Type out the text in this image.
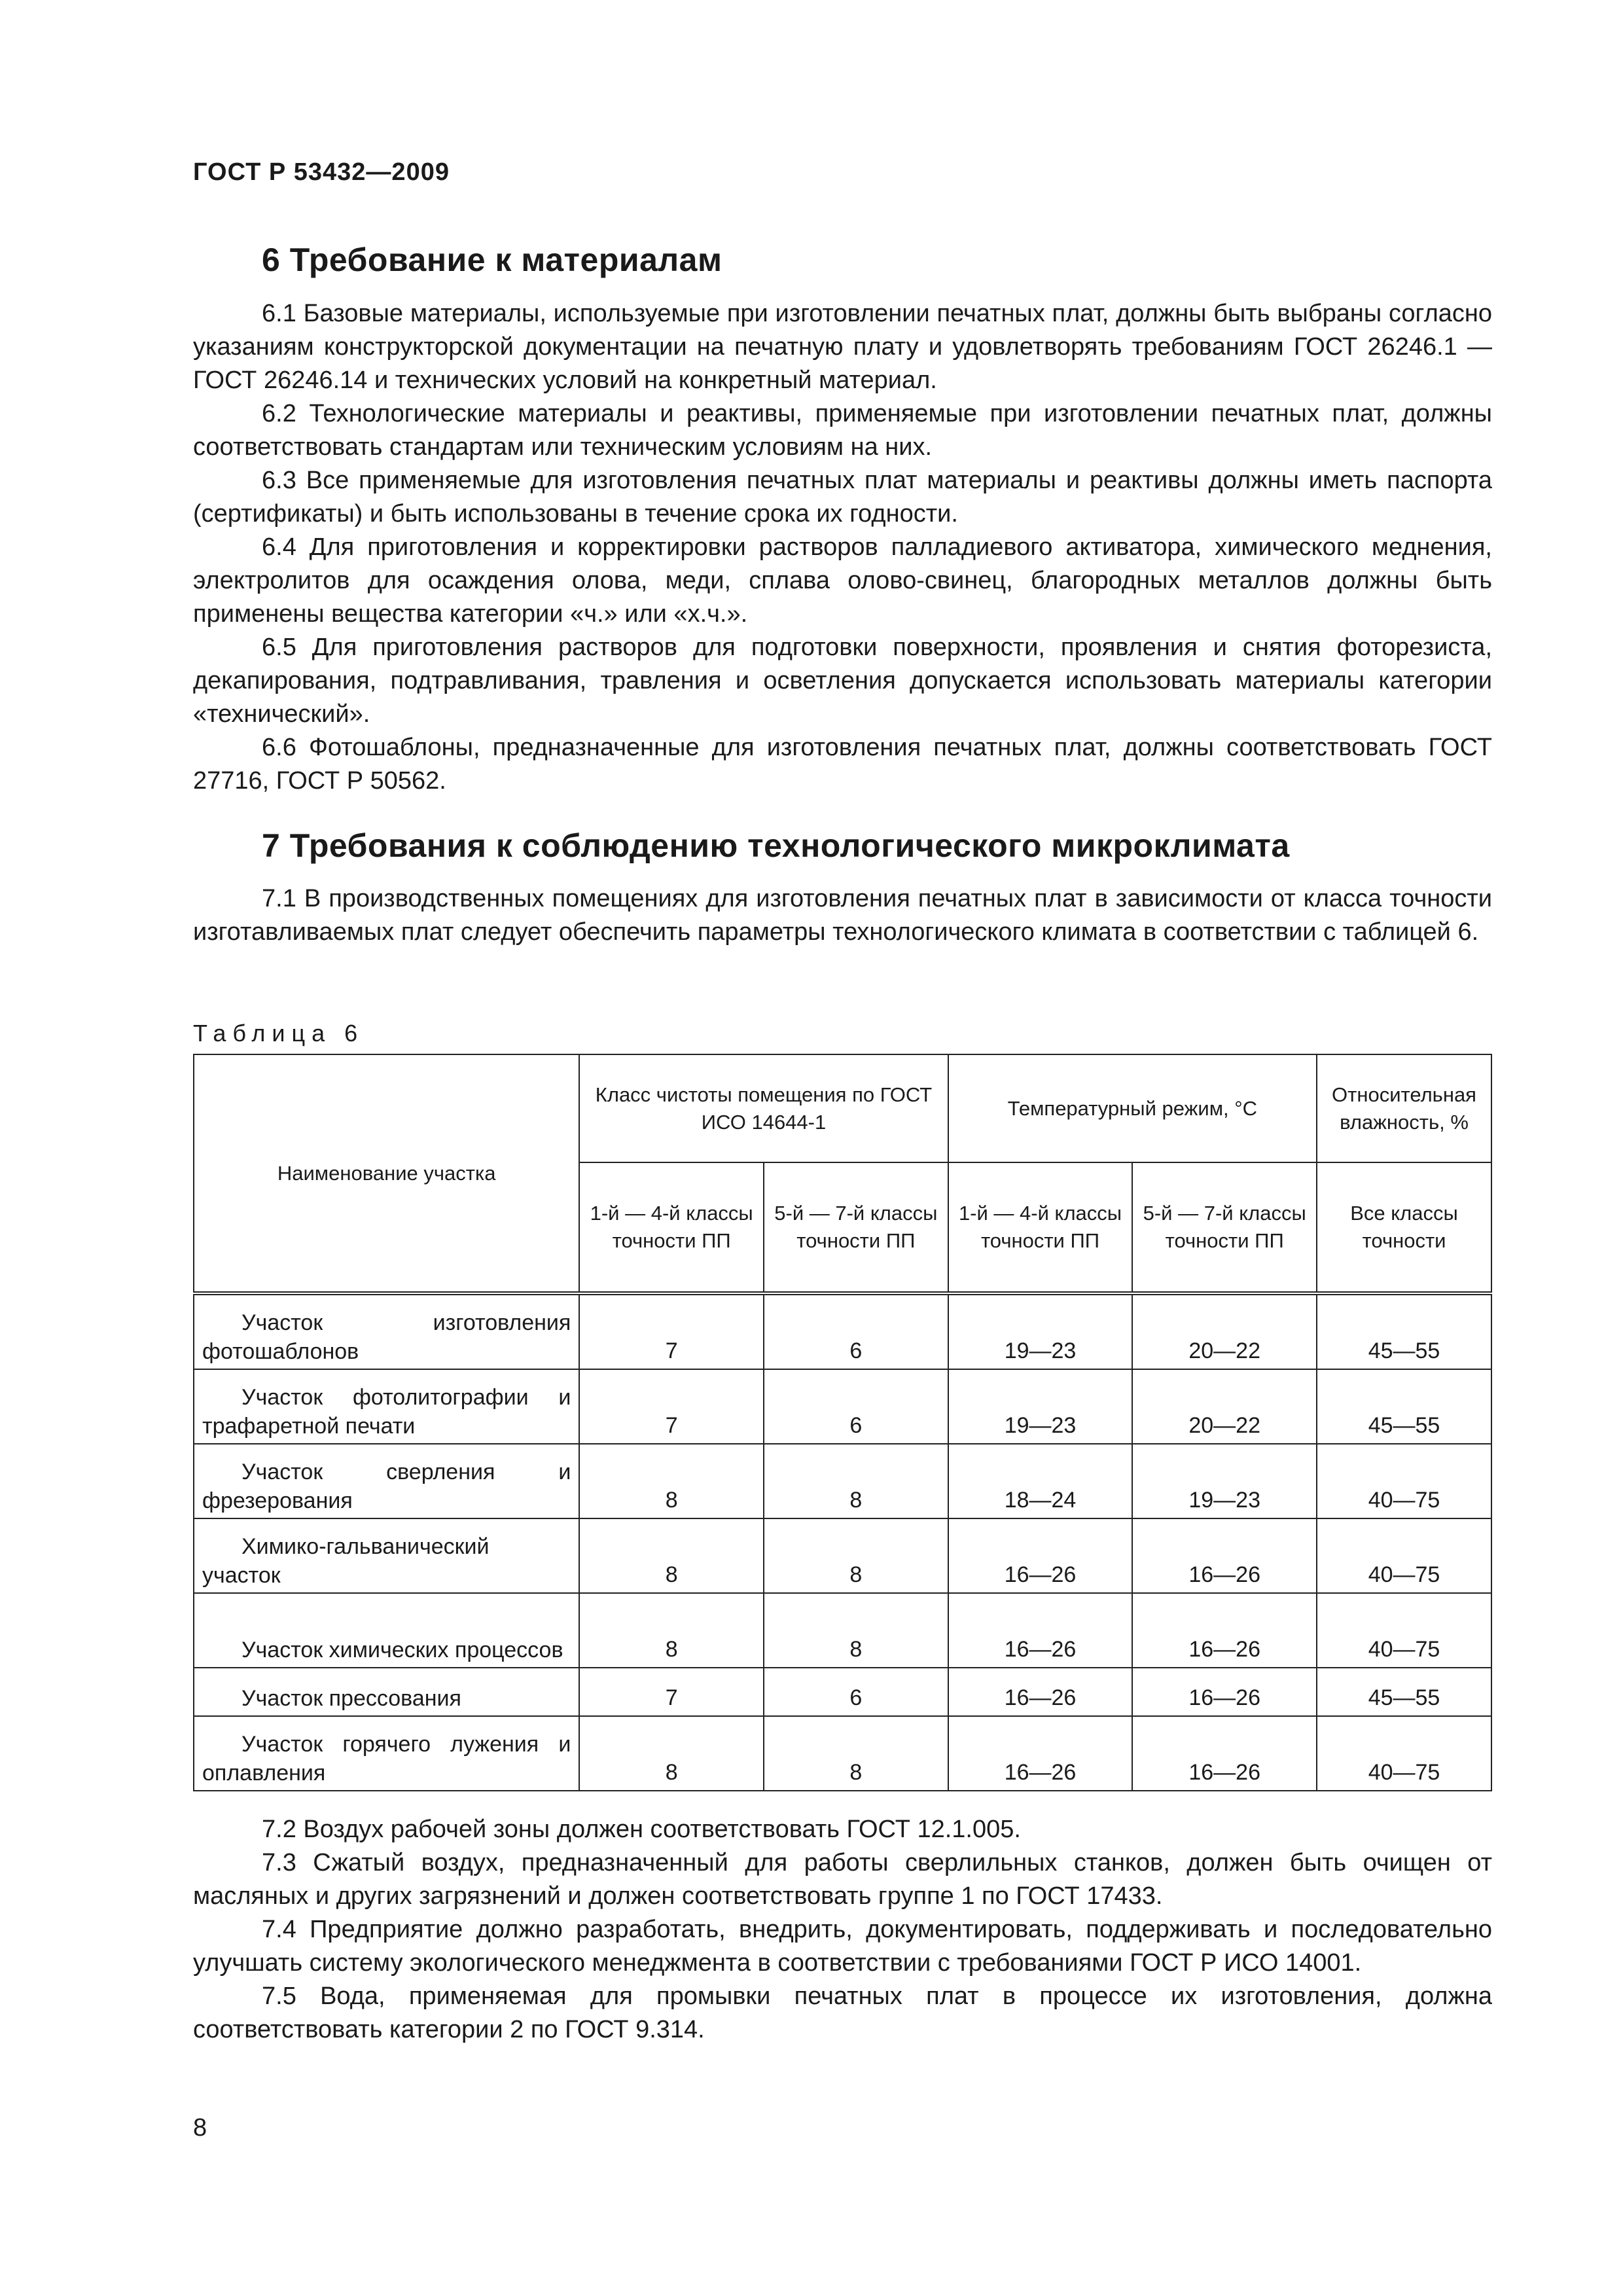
ГОСТ Р 53432—2009
6 Требование к материалам

6.1 Базовые материалы, используемые при изготовлении печатных плат, должны быть выбраны согласно указаниям конструкторской документации на печатную плату и удовлетворять требованиям ГОСТ 26246.1 — ГОСТ 26246.14 и технических условий на конкретный материал.

6.2 Технологические материалы и реактивы, применяемые при изготовлении печатных плат, должны соответствовать стандартам или техническим условиям на них.

6.3 Все применяемые для изготовления печатных плат материалы и реактивы должны иметь паспорта (сертификаты) и быть использованы в течение срока их годности.

6.4 Для приготовления и корректировки растворов палладиевого активатора, химического меднения, электролитов для осаждения олова, меди, сплава олово-свинец, благородных металлов должны быть применены вещества категории «ч.» или «х.ч.».

6.5 Для приготовления растворов для подготовки поверхности, проявления и снятия фоторезиста, декапирования, подтравливания, травления и осветления допускается использовать материалы категории «технический».

6.6 Фотошаблоны, предназначенные для изготовления печатных плат, должны соответствовать ГОСТ 27716, ГОСТ Р 50562.

7 Требования к соблюдению технологического микроклимата

7.1 В производственных помещениях для изготовления печатных плат в зависимости от класса точности изготавливаемых плат следует обеспечить параметры технологического климата в соответствии с таблицей 6.

Таблица 6
Наименование участка	Класс чистоты помещения по ГОСТ ИСО 14644-1		Температурный режим, °С		Относительная влажность, %
	1-й — 4-й классы точности ПП	5-й — 7-й классы точности ПП	1-й — 4-й классы точности ПП	5-й — 7-й классы точности ПП	Все классы точности
Участок изготовления фотошаблонов	7	6	19—23	20—22	45—55
Участок фотолитографии и трафаретной печати	7	6	19—23	20—22	45—55
Участок сверления и фрезерования	8	8	18—24	19—23	40—75
Химико-гальванический участок	8	8	16—26	16—26	40—75
Участок химических процессов	8	8	16—26	16—26	40—75
Участок прессования	7	6	16—26	16—26	45—55
Участок горячего лужения и оплавления	8	8	16—26	16—26	40—75

7.2 Воздух рабочей зоны должен соответствовать ГОСТ 12.1.005.

7.3 Сжатый воздух, предназначенный для работы сверлильных станков, должен быть очищен от масляных и других загрязнений и должен соответствовать группе 1 по ГОСТ 17433.

7.4 Предприятие должно разработать, внедрить, документировать, поддерживать и последовательно улучшать систему экологического менеджмента в соответствии с требованиями ГОСТ Р ИСО 14001.

7.5 Вода, применяемая для промывки печатных плат в процессе их изготовления, должна соответствовать категории 2 по ГОСТ 9.314.

8
